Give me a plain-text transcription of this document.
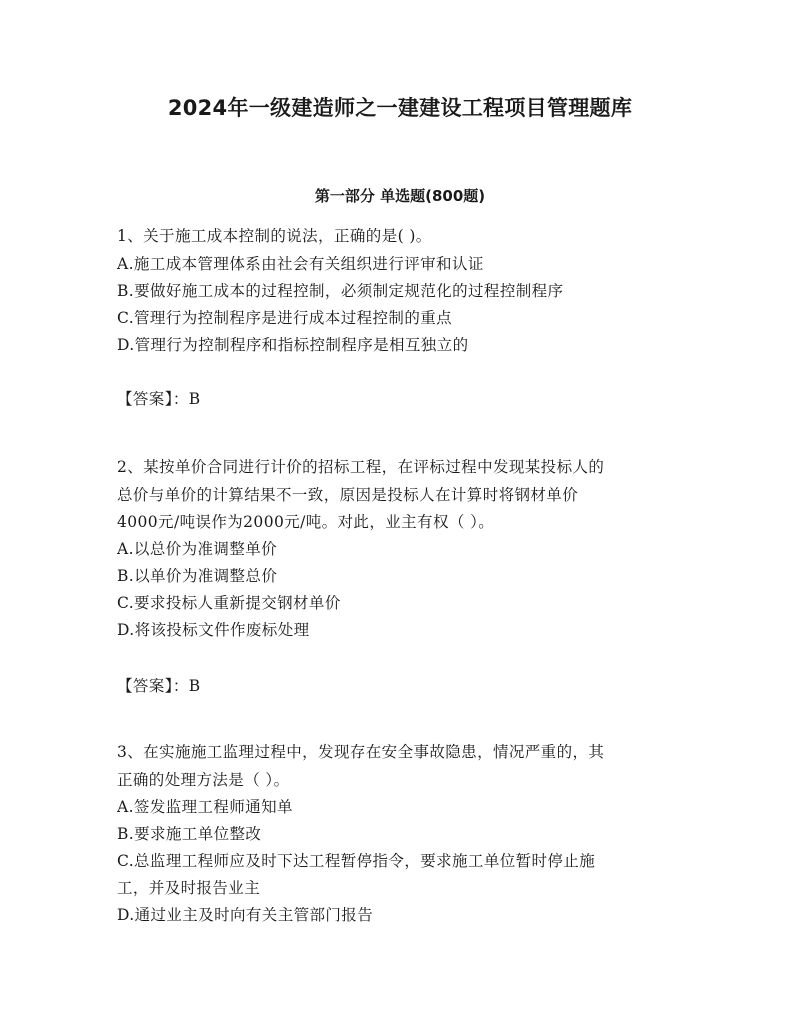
2024年一级建造师之一建建设工程项目管理题库
第一部分 单选题(800题)
1、关于施工成本控制的说法，正确的是( )。
A.施工成本管理体系由社会有关组织进行评审和认证
B.要做好施工成本的过程控制，必须制定规范化的过程控制程序
C.管理行为控制程序是进行成本过程控制的重点
D.管理行为控制程序和指标控制程序是相互独立的
【答案】：B
2、某按单价合同进行计价的招标工程，在评标过程中发现某投标人的
总价与单价的计算结果不一致，原因是投标人在计算时将钢材单价
4000元/吨误作为2000元/吨。对此，业主有权（ ）。
A.以总价为准调整单价
B.以单价为准调整总价
C.要求投标人重新提交钢材单价
D.将该投标文件作废标处理
【答案】：B
3、在实施施工监理过程中，发现存在安全事故隐患，情况严重的，其
正确的处理方法是（ ）。
A.签发监理工程师通知单
B.要求施工单位整改
C.总监理工程师应及时下达工程暂停指令，要求施工单位暂时停止施
工，并及时报告业主
D.通过业主及时向有关主管部门报告
